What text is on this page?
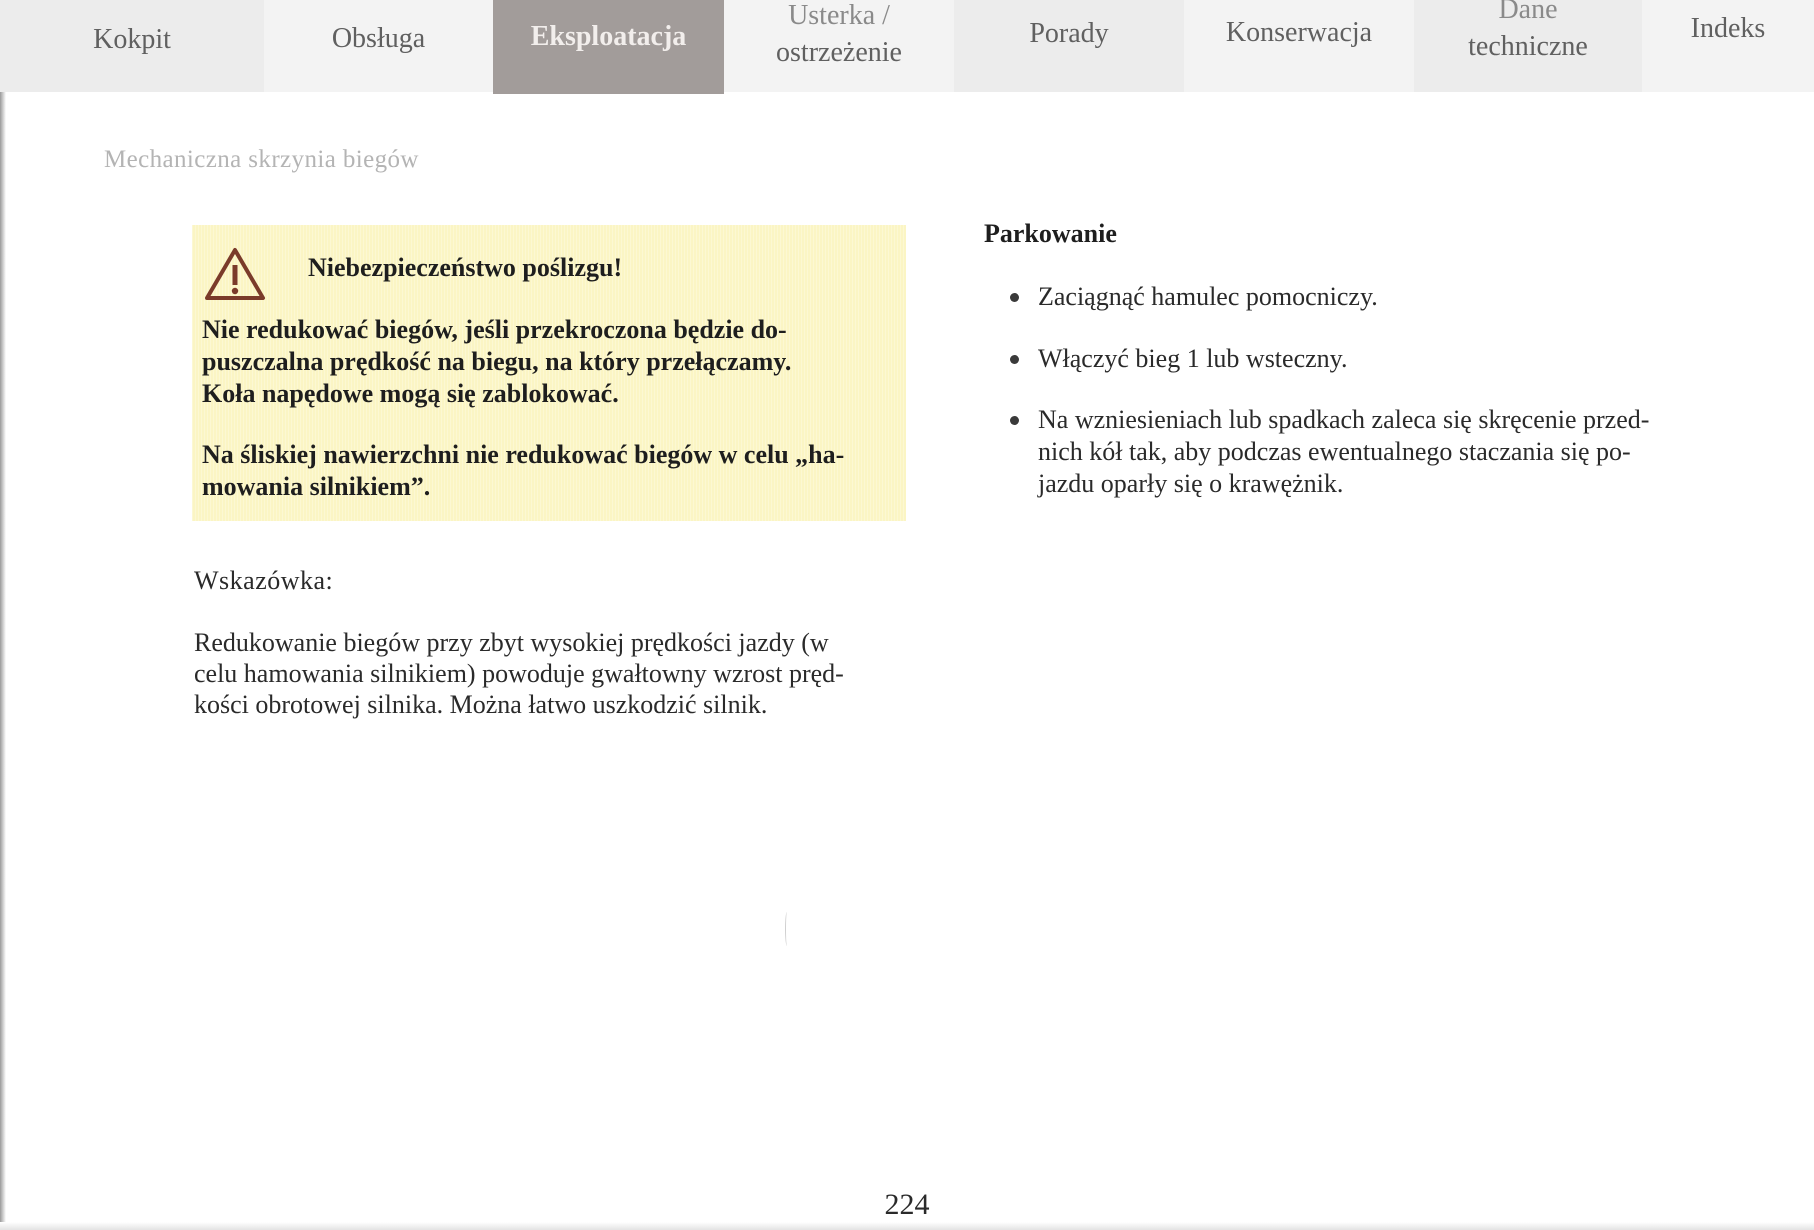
Kokpit	Obsługa	Eksploatacja
Usterka /
ostrzeżenie
Porady	Konserwacja
Dane
techniczne
Indeks
Mechaniczna skrzynia biegów
Niebezpieczeństwo poślizgu!
Nie redukować biegów, jeśli przekroczona będzie do-
puszczalna prędkość na biegu, na który przełączamy.
Koła napędowe mogą się zablokować.
Na śliskiej nawierzchni nie redukować biegów w celu „ha-
mowania silnikiem”.
Wskazówka:
Redukowanie biegów przy zbyt wysokiej prędkości jazdy (w
celu hamowania silnikiem) powoduje gwałtowny wzrost pręd-
kości obrotowej silnika. Można łatwo uszkodzić silnik.
Parkowanie
Zaciągnąć hamulec pomocniczy.
Włączyć bieg 1 lub wsteczny.
Na wzniesieniach lub spadkach zaleca się skręcenie przed-
nich kół tak, aby podczas ewentualnego staczania się po-
jazdu oparły się o krawężnik.
224
